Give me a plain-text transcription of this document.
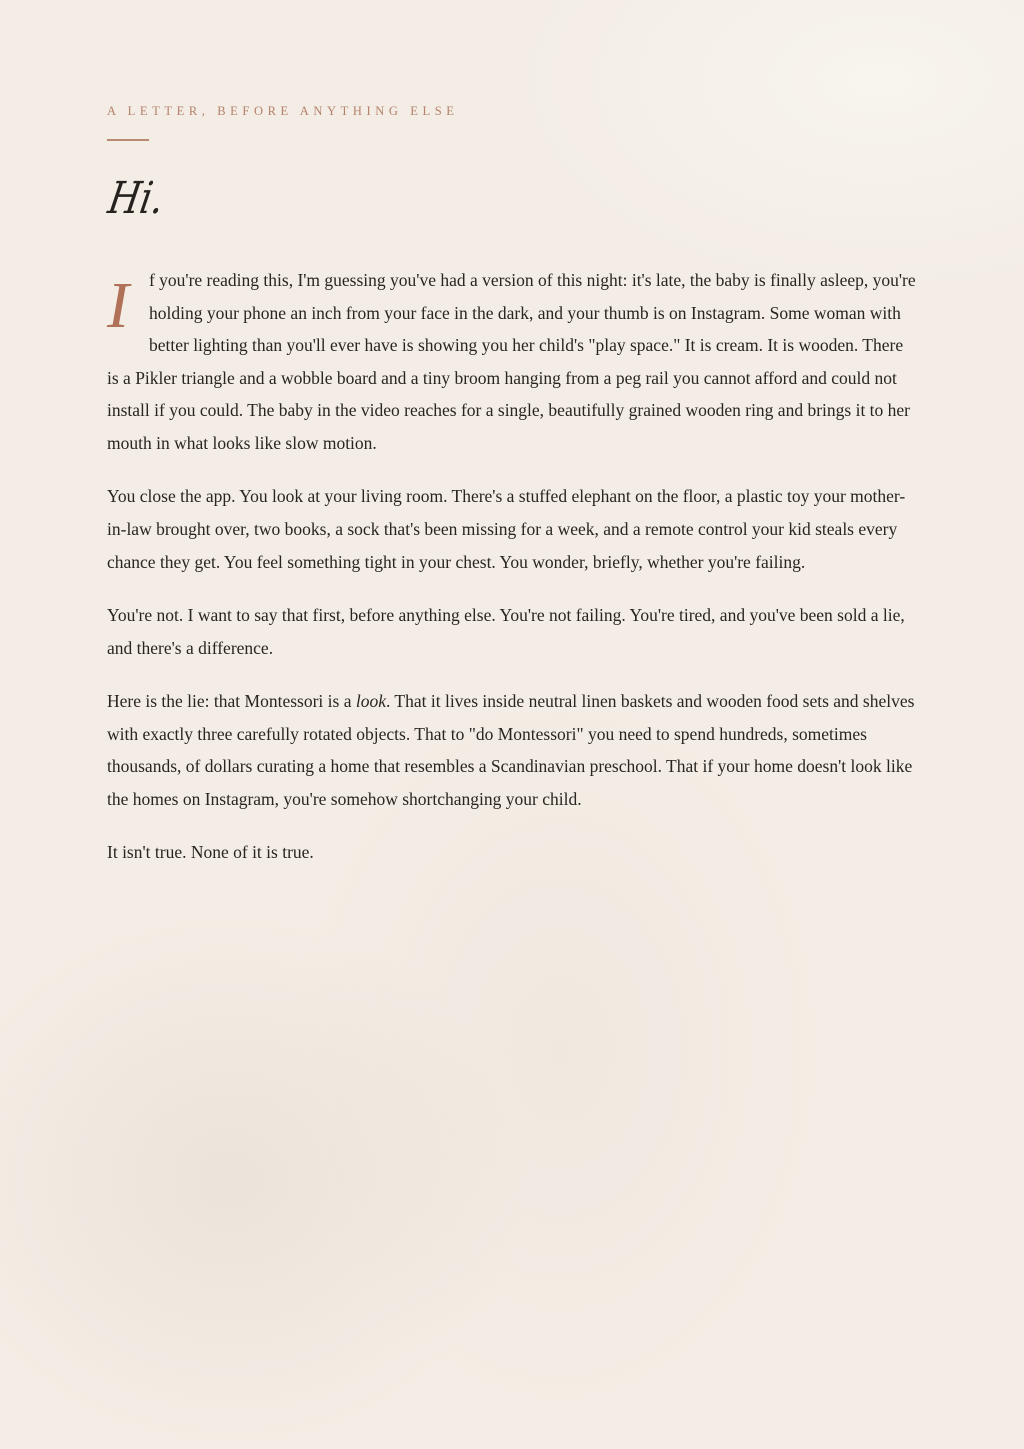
A LETTER, BEFORE ANYTHING ELSE
Hi.

I f you're reading this, I'm guessing you've had a version of this night: it's late, the baby is finally asleep, you're holding your phone an inch from your face in the dark, and your thumb is on Instagram. Some woman with better lighting than you'll ever have is showing you her child's "play space." It is cream. It is wooden. There is a Pikler triangle and a wobble board and a tiny broom hanging from a peg rail you cannot afford and could not install if you could. The baby in the video reaches for a single, beautifully grained wooden ring and brings it to her mouth in what looks like slow motion.

You close the app. You look at your living room. There's a stuffed elephant on the floor, a plastic toy your mother-in-law brought over, two books, a sock that's been missing for a week, and a remote control your kid steals every chance they get. You feel something tight in your chest. You wonder, briefly, whether you're failing.

You're not. I want to say that first, before anything else. You're not failing. You're tired, and you've been sold a lie, and there's a difference.

Here is the lie: that Montessori is a look. That it lives inside neutral linen baskets and wooden food sets and shelves with exactly three carefully rotated objects. That to "do Montessori" you need to spend hundreds, sometimes thousands, of dollars curating a home that resembles a Scandinavian preschool. That if your home doesn't look like the homes on Instagram, you're somehow shortchanging your child.

It isn't true. None of it is true.
